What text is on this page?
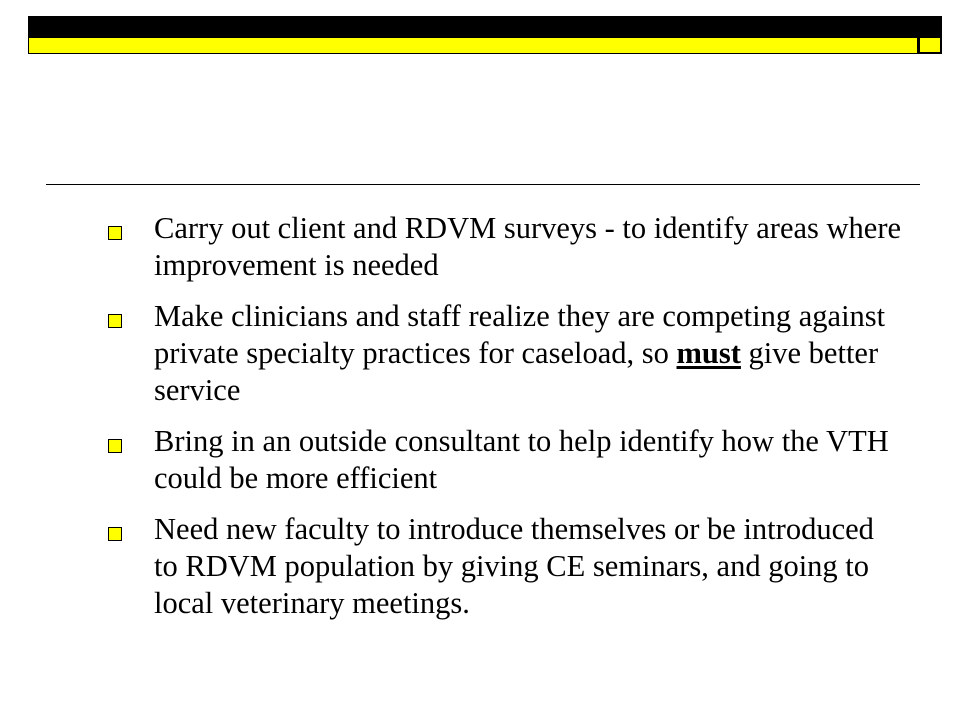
Carry out client and RDVM surveys - to identify areas where improvement is needed
Make clinicians and staff realize they are competing against private specialty practices for caseload, so must give better service
Bring in an outside consultant to help identify how the VTH could be more efficient
Need new faculty to introduce themselves or be introduced to RDVM population by giving CE seminars, and going to local veterinary meetings.
